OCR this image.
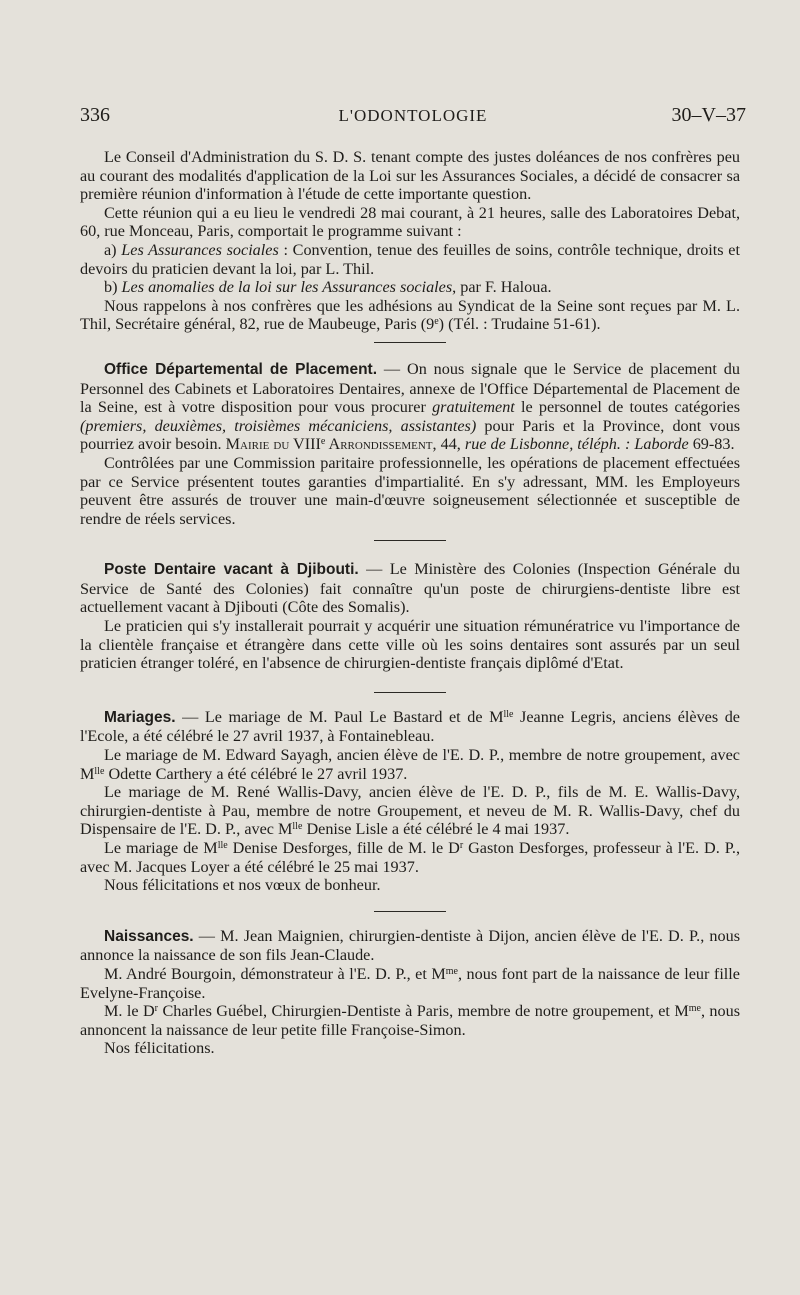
336	L'ODONTOLOGIE	30–V–37

Le Conseil d'Administration du S. D. S. tenant compte des justes doléances de nos confrères peu au courant des modalités d'application de la Loi sur les Assurances Sociales, a décidé de consacrer sa première réunion d'information à l'étude de cette importante question.

Cette réunion qui a eu lieu le vendredi 28 mai courant, à 21 heures, salle des Laboratoires Debat, 60, rue Monceau, Paris, comportait le programme suivant :

a) Les Assurances sociales : Convention, tenue des feuilles de soins, contrôle technique, droits et devoirs du praticien devant la loi, par L. Thil.

b) Les anomalies de la loi sur les Assurances sociales, par F. Haloua.

Nous rappelons à nos confrères que les adhésions au Syndicat de la Seine sont reçues par M. L. Thil, Secrétaire général, 82, rue de Maubeuge, Paris (9e) (Tél. : Trudaine 51-61).

Office Départemental de Placement. — On nous signale que le Service de placement du Personnel des Cabinets et Laboratoires Dentaires, annexe de l'Office Départemental de Placement de la Seine, est à votre disposition pour vous procurer gratuitement le personnel de toutes catégories (premiers, deuxièmes, troisièmes mécaniciens, assistantes) pour Paris et la Province, dont vous pourriez avoir besoin. Mairie du VIIIe Arrondissement, 44, rue de Lisbonne, téléph. : Laborde 69-83.

Contrôlées par une Commission paritaire professionnelle, les opérations de placement effectuées par ce Service présentent toutes garanties d'impartialité. En s'y adressant, MM. les Employeurs peuvent être assurés de trouver une main-d'œuvre soigneusement sélectionnée et susceptible de rendre de réels services.

Poste Dentaire vacant à Djibouti. — Le Ministère des Colonies (Inspection Générale du Service de Santé des Colonies) fait connaître qu'un poste de chirurgiens-dentiste libre est actuellement vacant à Djibouti (Côte des Somalis).

Le praticien qui s'y installerait pourrait y acquérir une situation rémunératrice vu l'importance de la clientèle française et étrangère dans cette ville où les soins dentaires sont assurés par un seul praticien étranger toléré, en l'absence de chirurgien-dentiste français diplômé d'Etat.

Mariages. — Le mariage de M. Paul Le Bastard et de $M^{lle}$ Jeanne Legris, anciens élèves de l'Ecole, a été célébré le 27 avril 1937, à Fontainebleau.

Le mariage de M. Edward Sayagh, ancien élève de l'E. D. P., membre de notre groupement, avec $M^{lle}$ Odette Carthery a été célébré le 27 avril 1937.

Le mariage de M. René Wallis-Davy, ancien élève de l'E. D. P., fils de M. E. Wallis-Davy, chirurgien-dentiste à Pau, membre de notre Groupement, et neveu de M. R. Wallis-Davy, chef du Dispensaire de l'E. D. P., avec $M^{lle}$ Denise Lisle a été célébré le 4 mai 1937.

Le mariage de $M^{lle}$ Denise Desforges, fille de M. le $D^r$ Gaston Desforges, professeur à l'E. D. P., avec M. Jacques Loyer a été célébré le 25 mai 1937.

Nous félicitations et nos vœux de bonheur.

Naissances. — M. Jean Maignien, chirurgien-dentiste à Dijon, ancien élève de l'E. D. P., nous annonce la naissance de son fils Jean-Claude.

M. André Bourgoin, démonstrateur à l'E. D. P., et $M^{me}$, nous font part de la naissance de leur fille Evelyne-Françoise.

M. le $D^r$ Charles Guébel, Chirurgien-Dentiste à Paris, membre de notre groupement, et $M^{me}$, nous annoncent la naissance de leur petite fille Françoise-Simon.

Nos félicitations.
